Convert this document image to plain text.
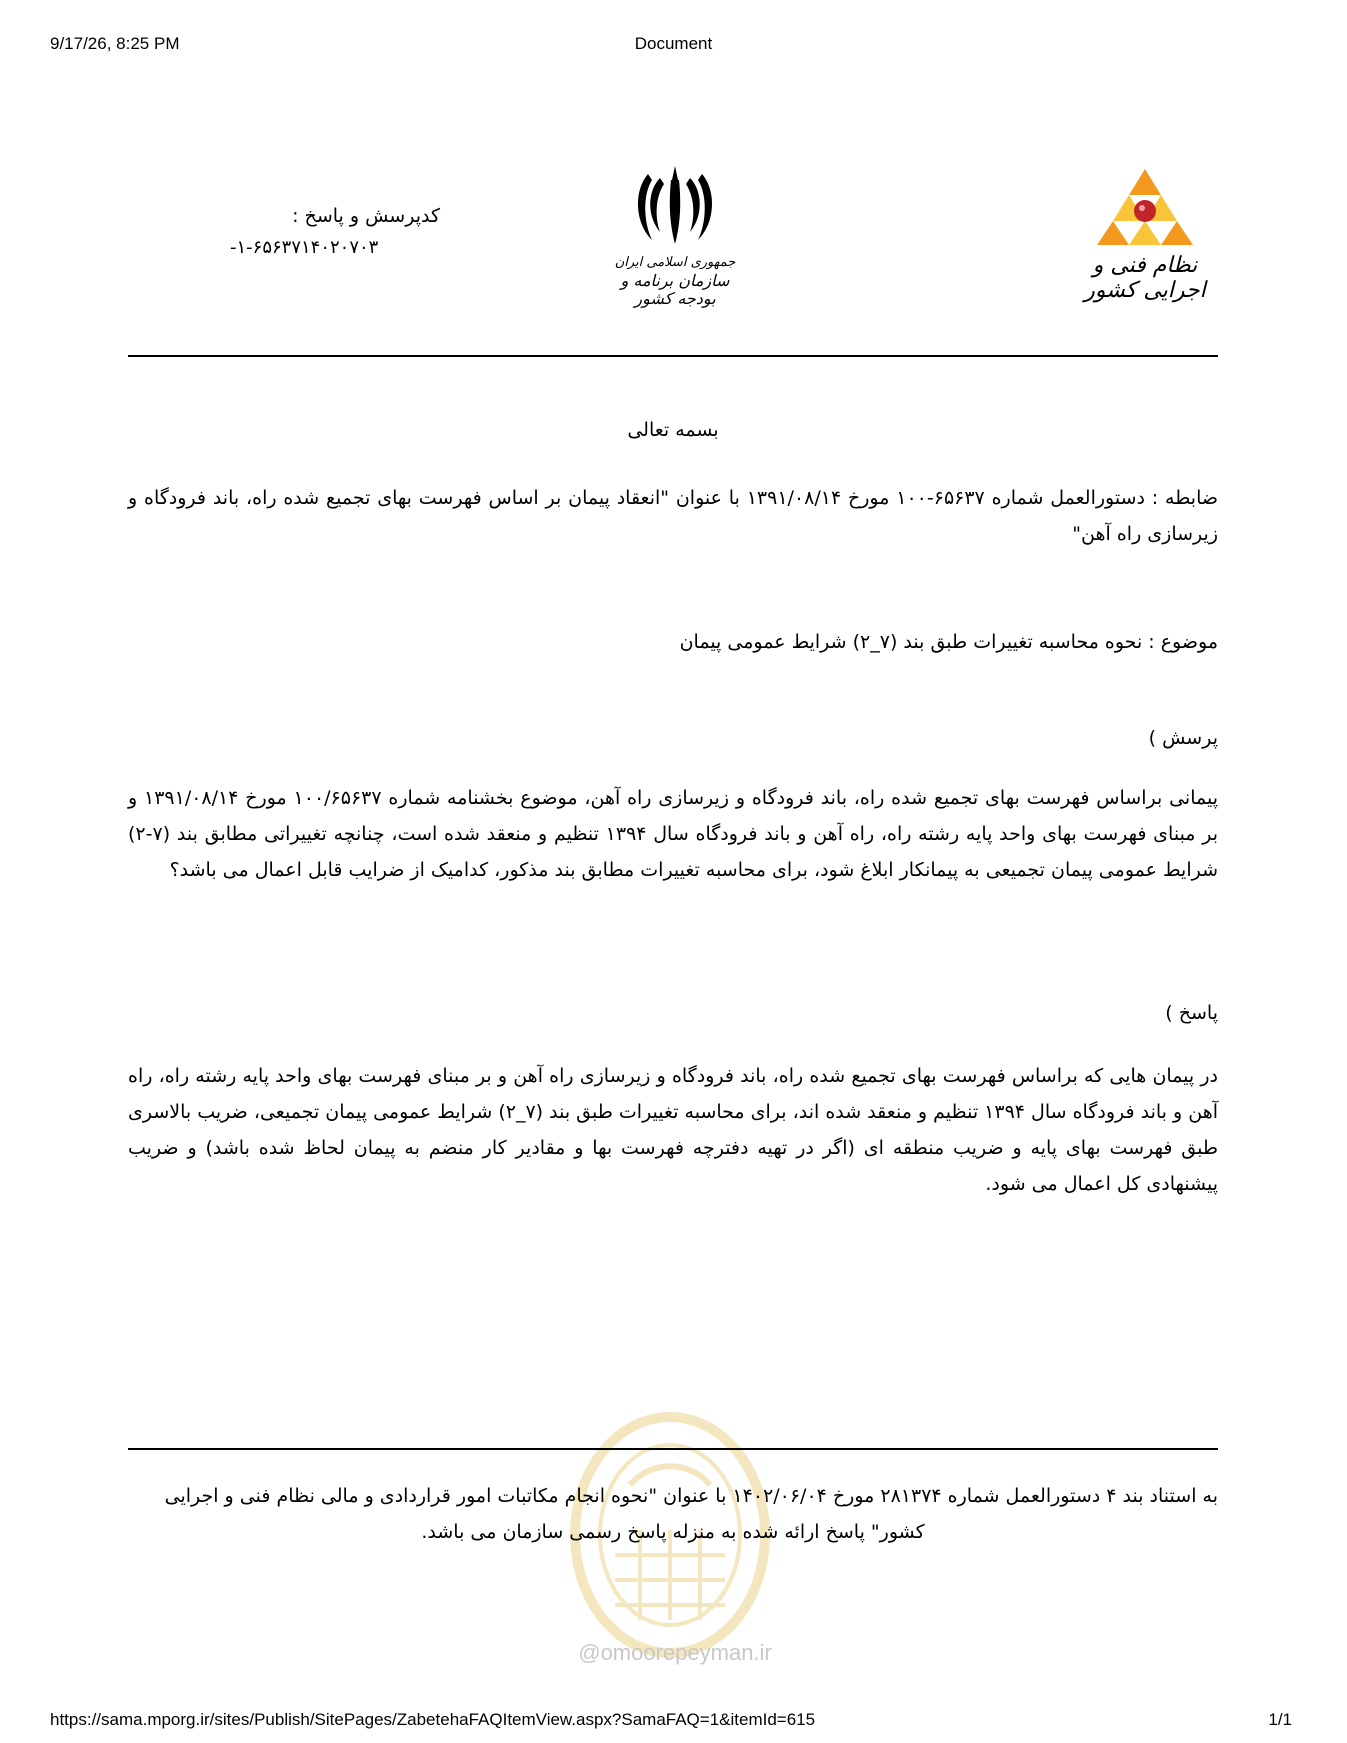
9/17/26, 8:25 PM	Document
کدپرسش و پاسخ :
-۱-۶۵۶۳۷۱۴۰۲۰۷۰۳
جمهوری اسلامی ایران
سازمان برنامه و بودجه کشور
نظام فنی و اجرایی کشور
بسمه تعالی
ضابطه : دستورالعمل شماره ۶۵۶۳۷-۱۰۰ مورخ ۱۳۹۱/۰۸/۱۴ با عنوان "انعقاد پیمان بر اساس فهرست بهای تجمیع شده راه، باند فرودگاه و زیرسازی راه آهن"
موضوع : نحوه محاسبه تغییرات طبق بند (۷_۲) شرایط عمومی پیمان
پرسش )
پیمانی براساس فهرست بهای تجمیع شده راه، باند فرودگاه و زیرسازی راه آهن، موضوع بخشنامه شماره ۱۰۰/۶۵۶۳۷ مورخ ۱۳۹۱/۰۸/۱۴ و بر مبنای فهرست بهای واحد پایه رشته راه، راه آهن و باند فرودگاه سال ۱۳۹۴ تنظیم و منعقد شده است، چنانچه تغییراتی مطابق بند (۷-۲) شرایط عمومی پیمان تجمیعی به پیمانکار ابلاغ شود، برای محاسبه تغییرات مطابق بند مذکور، کدامیک از ضرایب قابل اعمال می باشد؟
پاسخ )
در پیمان هایی که براساس فهرست بهای تجمیع شده راه، باند فرودگاه و زیرسازی راه آهن و بر مبنای فهرست بهای واحد پایه رشته راه، راه آهن و باند فرودگاه سال ۱۳۹۴ تنظیم و منعقد شده اند، برای محاسبه تغییرات طبق بند (۷_۲) شرایط عمومی پیمان تجمیعی، ضریب بالاسری طبق فهرست بهای پایه و ضریب منطقه ای (اگر در تهیه دفترچه فهرست بها و مقادیر کار منضم به پیمان لحاظ شده باشد) و ضریب پیشنهادی کل اعمال می شود.
به استناد بند ۴ دستورالعمل شماره ۲۸۱۳۷۴ مورخ ۱۴۰۲/۰۶/۰۴ با عنوان "نحوه انجام مکاتبات امور قراردادی و مالی نظام فنی و اجرایی
کشور" پاسخ ارائه شده به منزله پاسخ رسمی سازمان می باشد.
@omoorepeyman.ir
https://sama.mporg.ir/sites/Publish/SitePages/ZabetehaFAQItemView.aspx?SamaFAQ=1&itemId=615	1/1
